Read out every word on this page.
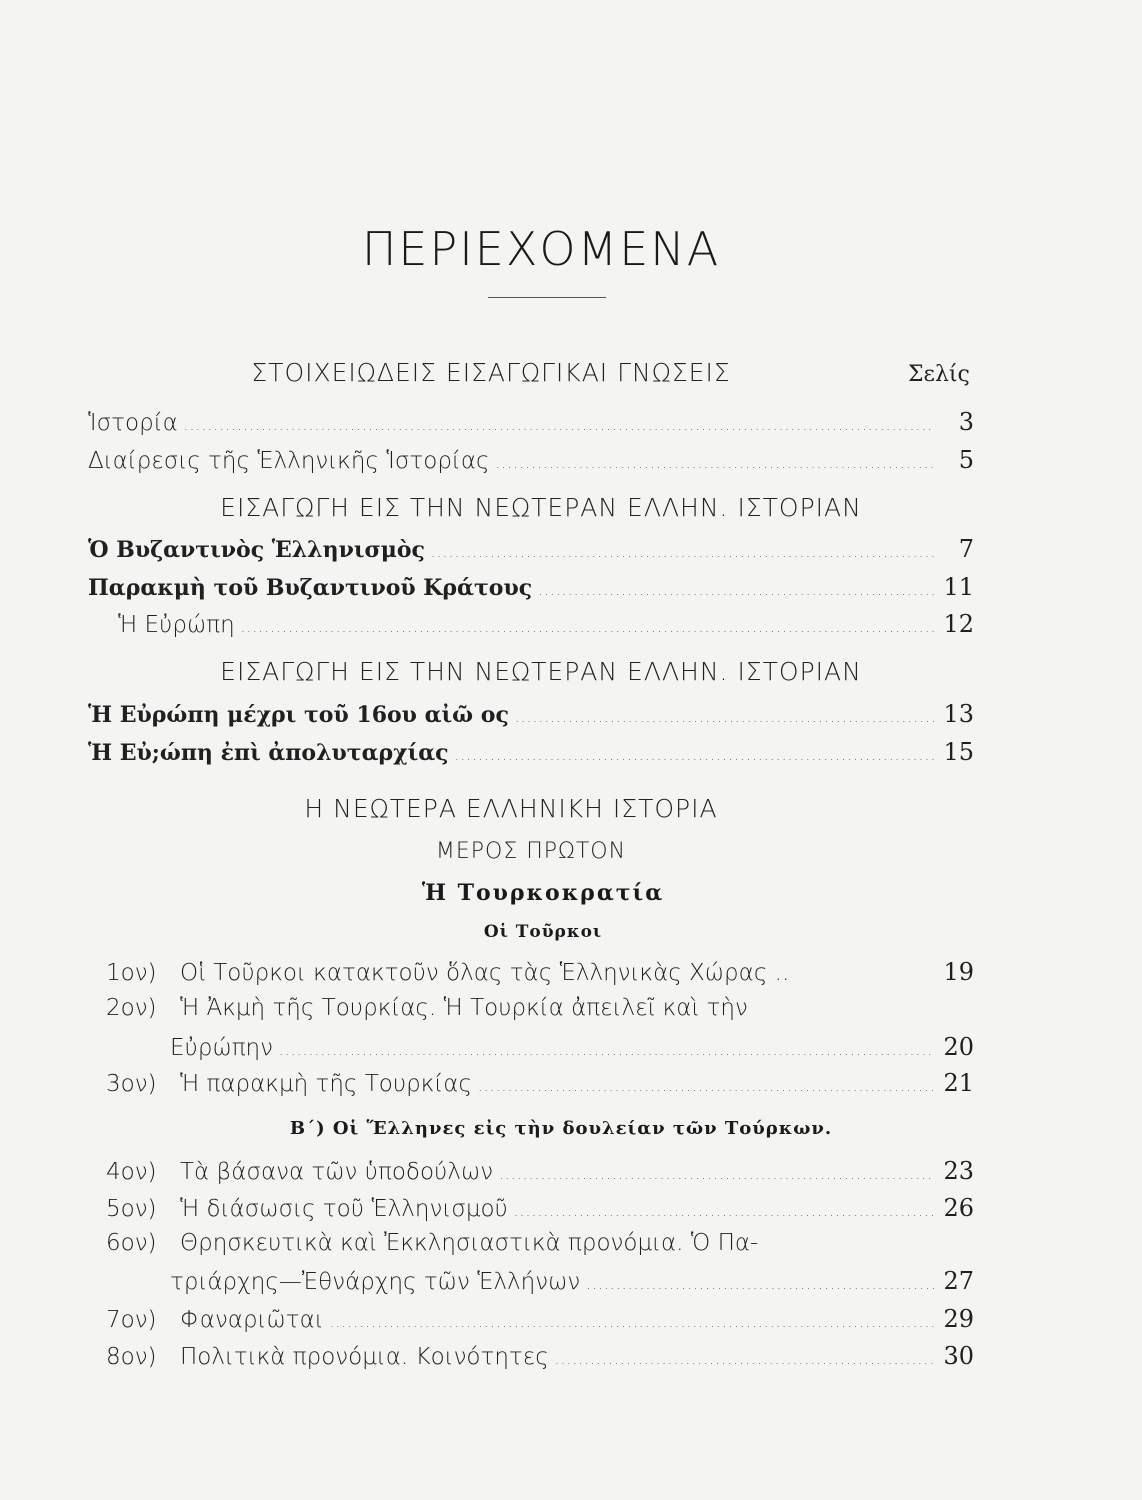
ΠΕΡΙΕΧΟΜΕΝΑ
ΣΤΟΙΧΕΙΩΔΕΙΣ ΕΙΣΑΓΩΓΙΚΑΙ ΓΝΩΣΕΙΣ	Σελίς
Ἱστορία .....	3
Διαίρεσις τῆς Ἑλληνικῆς Ἱστορίας .....	5
ΕΙΣΑΓΩΓΗ ΕΙΣ ΤΗΝ ΝΕΩΤΕΡΑΝ ΕΛΛΗΝ. ΙΣΤΟΡΙΑΝ
Ὁ Βυζαντινὸς Ἑλληνισμὸς .....	7
Παρακμὴ τοῦ Βυζαντινοῦ Κράτους .....	11
Ἡ Εὐρώπη .....	12
ΕΙΣΑΓΩΓΗ ΕΙΣ ΤΗΝ ΝΕΩΤΕΡΑΝ ΕΛΛΗΝ. ΙΣΤΟΡΙΑΝ
Ἡ Εὐρώπη μέχρι τοῦ 16ου αἰῶ ος .....	13
Ἡ Εὐ;ώπη ἐπὶ ἀπολυταρχίας .....	15
Η ΝΕΩΤΕΡΑ ΕΛΛΗΝΙΚΗ ΙΣΤΟΡΙΑ
ΜΕΡΟΣ ΠΡΩΤΟΝ
Ἡ Τουρκοκρατία
Οἱ Τοῦρκοι
1ον)	Οἱ Τοῦρκοι κατακτοῦν ὅλας τὰς Ἑλληνικὰς Χώρας ..	19
2ον)	Ἡ Ἀκμὴ τῆς Τουρκίας. Ἡ Τουρκία ἀπειλεῖ καὶ τὴν
Εὐρώπην .....	20
3ον)	Ἡ παρακμὴ τῆς Τουρκίας .....	21
Β΄) Οἱ Ἕλληνες εἰς τὴν δουλείαν τῶν Τούρκων.
4ον)	Τὰ βάσανα τῶν ὑποδούλων .....	23
5ον)	Ἡ διάσωσις τοῦ Ἑλληνισμοῦ .....	26
6ον)	Θρησκευτικὰ καὶ Ἐκκλησιαστικὰ προνόμια. Ὁ Πα-
τριάρχης—Ἐθνάρχης τῶν Ἑλλήνων .....	27
7ον)	Φαναριῶται .....	29
8ον)	Πολιτικὰ προνόμια. Κοινότητες .....	30
